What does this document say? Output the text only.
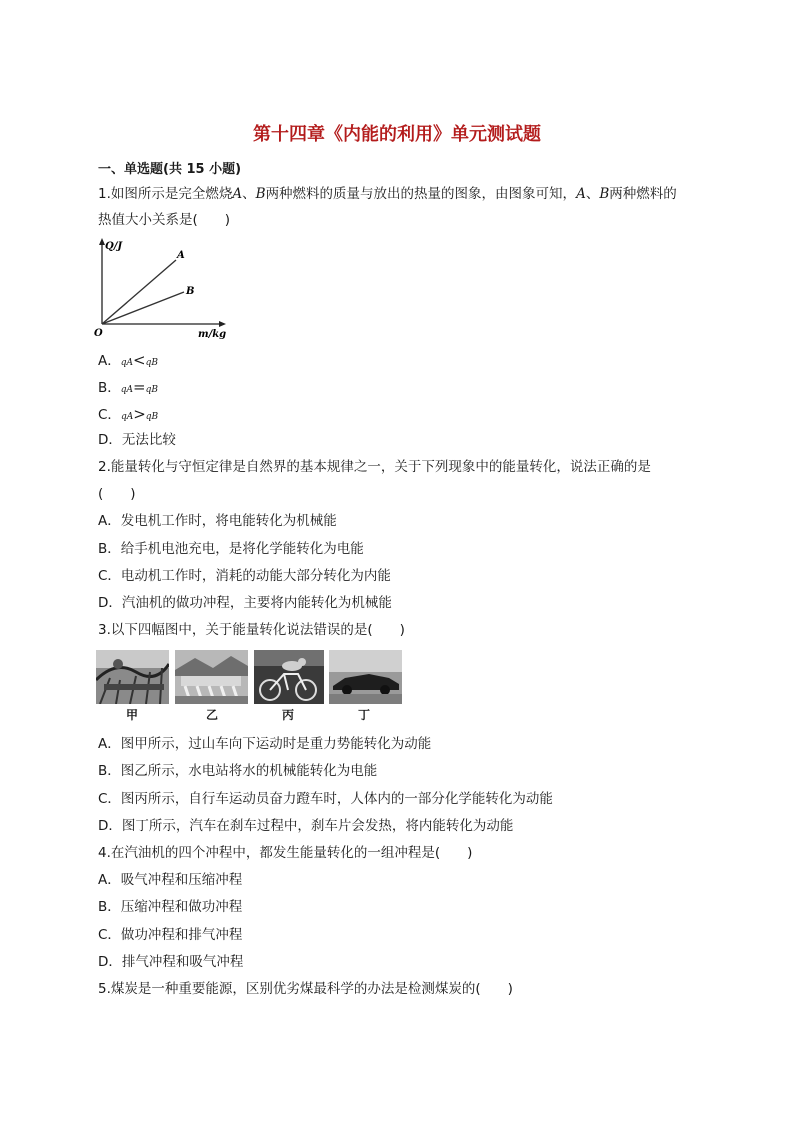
第十四章《内能的利用》单元测试题

一、单选题(共 15 小题)

1.如图所示是完全燃烧A、B两种燃料的质量与放出的热量的图象，由图象可知，A、B两种燃料的

热值大小关系是(　　)

Q/J
m/kg
O
A
B
A．qA<qB
B．qA=qB
C．qA>qB
D．无法比较

2.能量转化与守恒定律是自然界的基本规律之一，关于下列现象中的能量转化，说法正确的是

(　　)

A．发电机工作时，将电能转化为机械能
B．给手机电池充电，是将化学能转化为电能
C．电动机工作时，消耗的动能大部分转化为内能
D．汽油机的做功冲程，主要将内能转化为机械能

3.以下四幅图中，关于能量转化说法错误的是(　　)

甲	乙	丙	丁
A．图甲所示，过山车向下运动时是重力势能转化为动能
B．图乙所示，水电站将水的机械能转化为电能
C．图丙所示，自行车运动员奋力蹬车时，人体内的一部分化学能转化为动能
D．图丁所示，汽车在刹车过程中，刹车片会发热，将内能转化为动能

4.在汽油机的四个冲程中，都发生能量转化的一组冲程是(　　)

A．吸气冲程和压缩冲程
B．压缩冲程和做功冲程
C．做功冲程和排气冲程
D．排气冲程和吸气冲程

5.煤炭是一种重要能源，区别优劣煤最科学的办法是检测煤炭的(　　)
